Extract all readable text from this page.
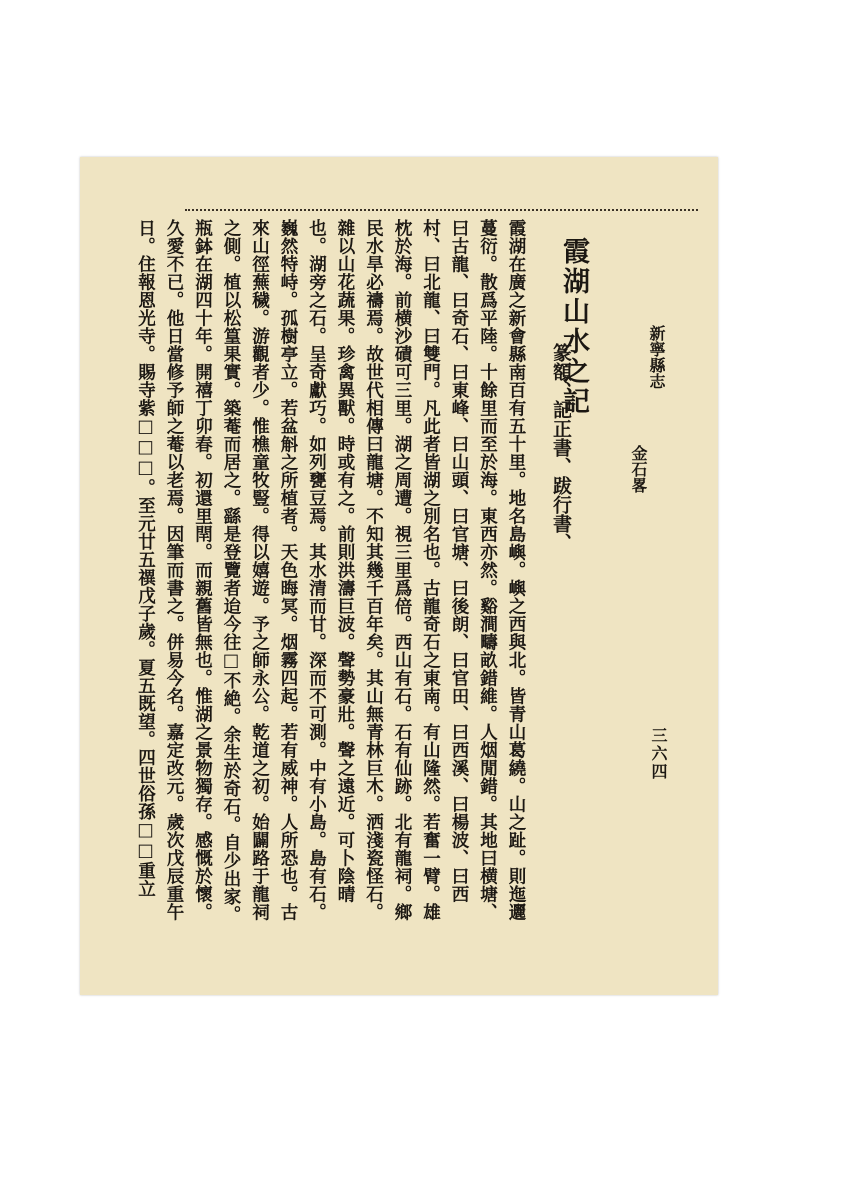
新寧縣志
金石畧
三六四
霞湖山水之記
篆額、記正書、跋行書、

霞湖在廣之新會縣南百有五十里。地名島嶼。嶼之西與北。皆青山葛繞。山之趾。則迤邐蔓衍。散爲平陸。十餘里而至於海。東西亦然。谿澗疇畝錯維。人烟閒錯。其地曰横塘、曰古龍、曰奇石、曰東峰、曰山頭、曰官塘、曰後朗、曰官田、曰西溪、曰楊波、曰西村、曰北龍、曰雙門。凡此者皆湖之別名也。古龍奇石之東南。有山隆然。若奮一臂。雄枕於海。前横沙磧可三里。湖之周遭。視三里爲倍。西山有石。石有仙跡。北有龍祠。鄉民水旱必禱焉。故世代相傳曰龍塘。不知其幾千百年矣。其山無青林巨木。洒淺瓷怪石。雜以山花蔬果。珍禽異獸。時或有之。前則洪濤巨波。聲勢豪壯。聲之遠近。可卜陰晴也。湖旁之石。呈奇獻巧。如列甕豆焉。其水清而甘。深而不可測。中有小島。島有石。巍然特峙。孤樹亭立。若盆斛之所植者。天色晦冥。烟霧四起。若有威神。人所恐也。古來山徑蕪穢。游觀者少。惟樵童牧豎。得以嬉遊。予之師永公。乾道之初。始闢路于龍祠之側。植以松篁果實。築菴而居之。繇是登覽者迨今往□不絶。余生於奇石。自少出家。瓶鉢在湖四十年。開禧丁卯春。初還里閈。而親舊皆無也。惟湖之景物獨存。感慨於懷。久愛不已。他日當修予師之菴以老焉。因筆而書之。併易今名。嘉定改元。歲次戊辰重午日。住報恩光寺。賜寺紫□□□。至元廿五禩戊子歲。夏五既望。四世俗孫□□重立
